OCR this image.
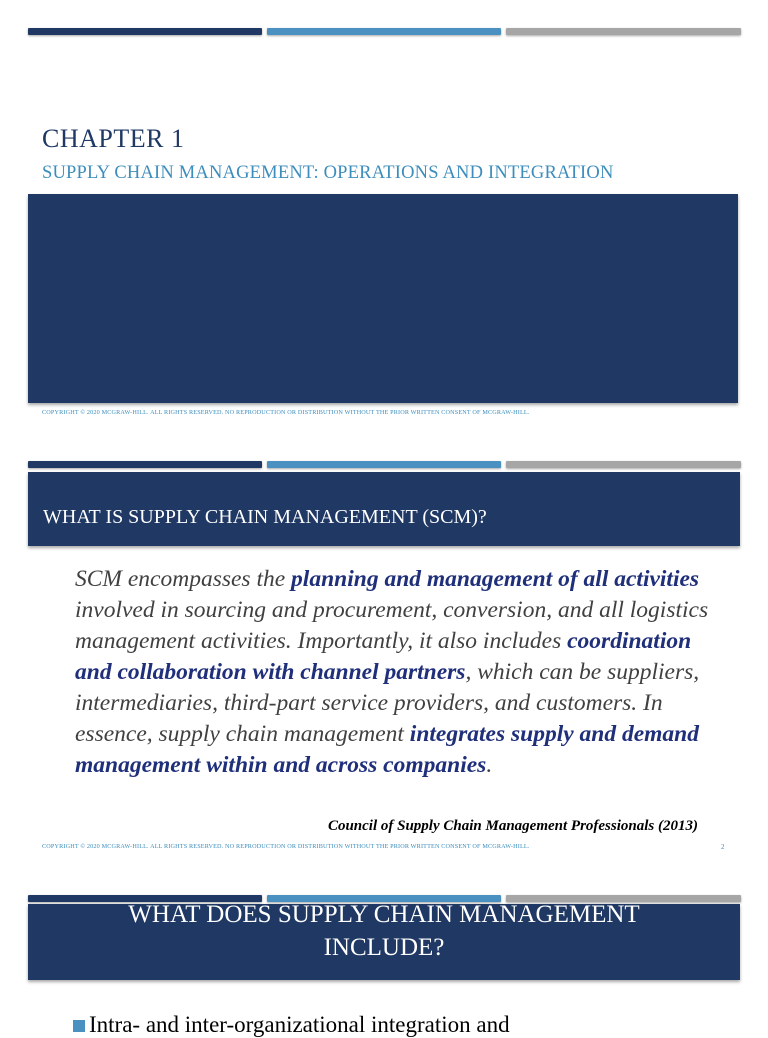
CHAPTER 1
SUPPLY CHAIN MANAGEMENT: OPERATIONS AND INTEGRATION
COPYRIGHT © 2020 MCGRAW-HILL. ALL RIGHTS RESERVED. NO REPRODUCTION OR DISTRIBUTION WITHOUT THE PRIOR WRITTEN CONSENT OF MCGRAW-HILL.
WHAT IS SUPPLY CHAIN MANAGEMENT (SCM)?
SCM encompasses the planning and management of all activities involved in sourcing and procurement, conversion, and all logistics management activities. Importantly, it also includes coordination and collaboration with channel partners, which can be suppliers, intermediaries, third-part service providers, and customers. In essence, supply chain management integrates supply and demand management within and across companies.
Council of Supply Chain Management Professionals (2013)
COPYRIGHT © 2020 MCGRAW-HILL. ALL RIGHTS RESERVED. NO REPRODUCTION OR DISTRIBUTION WITHOUT THE PRIOR WRITTEN CONSENT OF MCGRAW-HILL.	2
WHAT DOES SUPPLY CHAIN MANAGEMENT
INCLUDE?
Intra- and inter-organizational integration and
